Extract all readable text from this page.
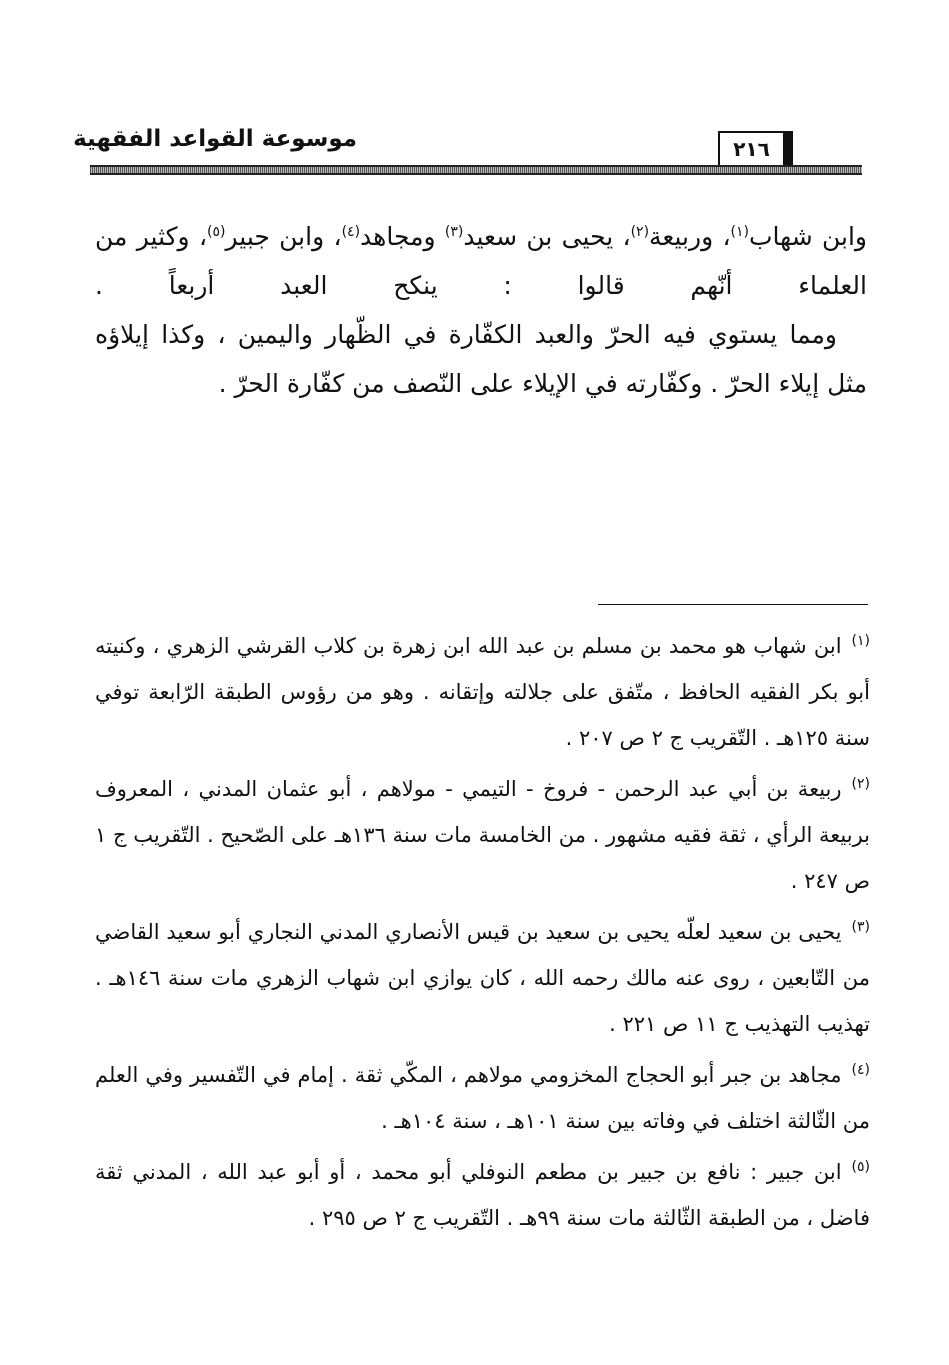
موسوعة القواعد الفقهية	٢١٦

وابن شهاب$^{(١)}$، وربيعة$^{(٢)}$، يحيى بن سعيد$^{(٣)}$ ومجاهد$^{(٤)}$، وابن جبير$^{(٥)}$، وكثير من العلماء أنّهم قالوا : ينكح العبد أربعاً .

ومما يستوي فيه الحرّ والعبد الكفّارة في الظّهار واليمين ، وكذا إيلاؤه مثل إيلاء الحرّ . وكفّارته في الإيلاء على النّصف من كفّارة الحرّ .

$^{(١)}$ابن شهاب هو محمد بن مسلم بن عبد الله ابن زهرة بن كلاب القرشي الزهري ، وكنيته أبو بكر الفقيه الحافظ ، متّفق على جلالته وإتقانه . وهو من رؤوس الطبقة الرّابعة توفي سنة ١٢٥هـ . التّقريب ج ٢ ص ٢٠٧ .

$^{(٢)}$ربيعة بن أبي عبد الرحمن - فروخ - التيمي - مولاهم ، أبو عثمان المدني ، المعروف بربيعة الرأي ، ثقة فقيه مشهور . من الخامسة مات سنة ١٣٦هـ على الصّحيح . التّقريب ج ١ ص ٢٤٧ .

$^{(٣)}$يحيى بن سعيد لعلّه يحيى بن سعيد بن قيس الأنصاري المدني النجاري أبو سعيد القاضي من التّابعين ، روى عنه مالك رحمه الله ، كان يوازي ابن شهاب الزهري مات سنة ١٤٦هـ . تهذيب التهذيب ج ١١ ص ٢٢١ .

$^{(٤)}$مجاهد بن جبر أبو الحجاج المخزومي مولاهم ، المكّي ثقة . إمام في التّفسير وفي العلم من الثّالثة اختلف في وفاته بين سنة ١٠١هـ ، سنة ١٠٤هـ .

$^{(٥)}$ابن جبير : نافع بن جبير بن مطعم النوفلي أبو محمد ، أو أبو عبد الله ، المدني ثقة فاضل ، من الطبقة الثّالثة مات سنة ٩٩هـ . التّقريب ج ٢ ص ٢٩٥ .
